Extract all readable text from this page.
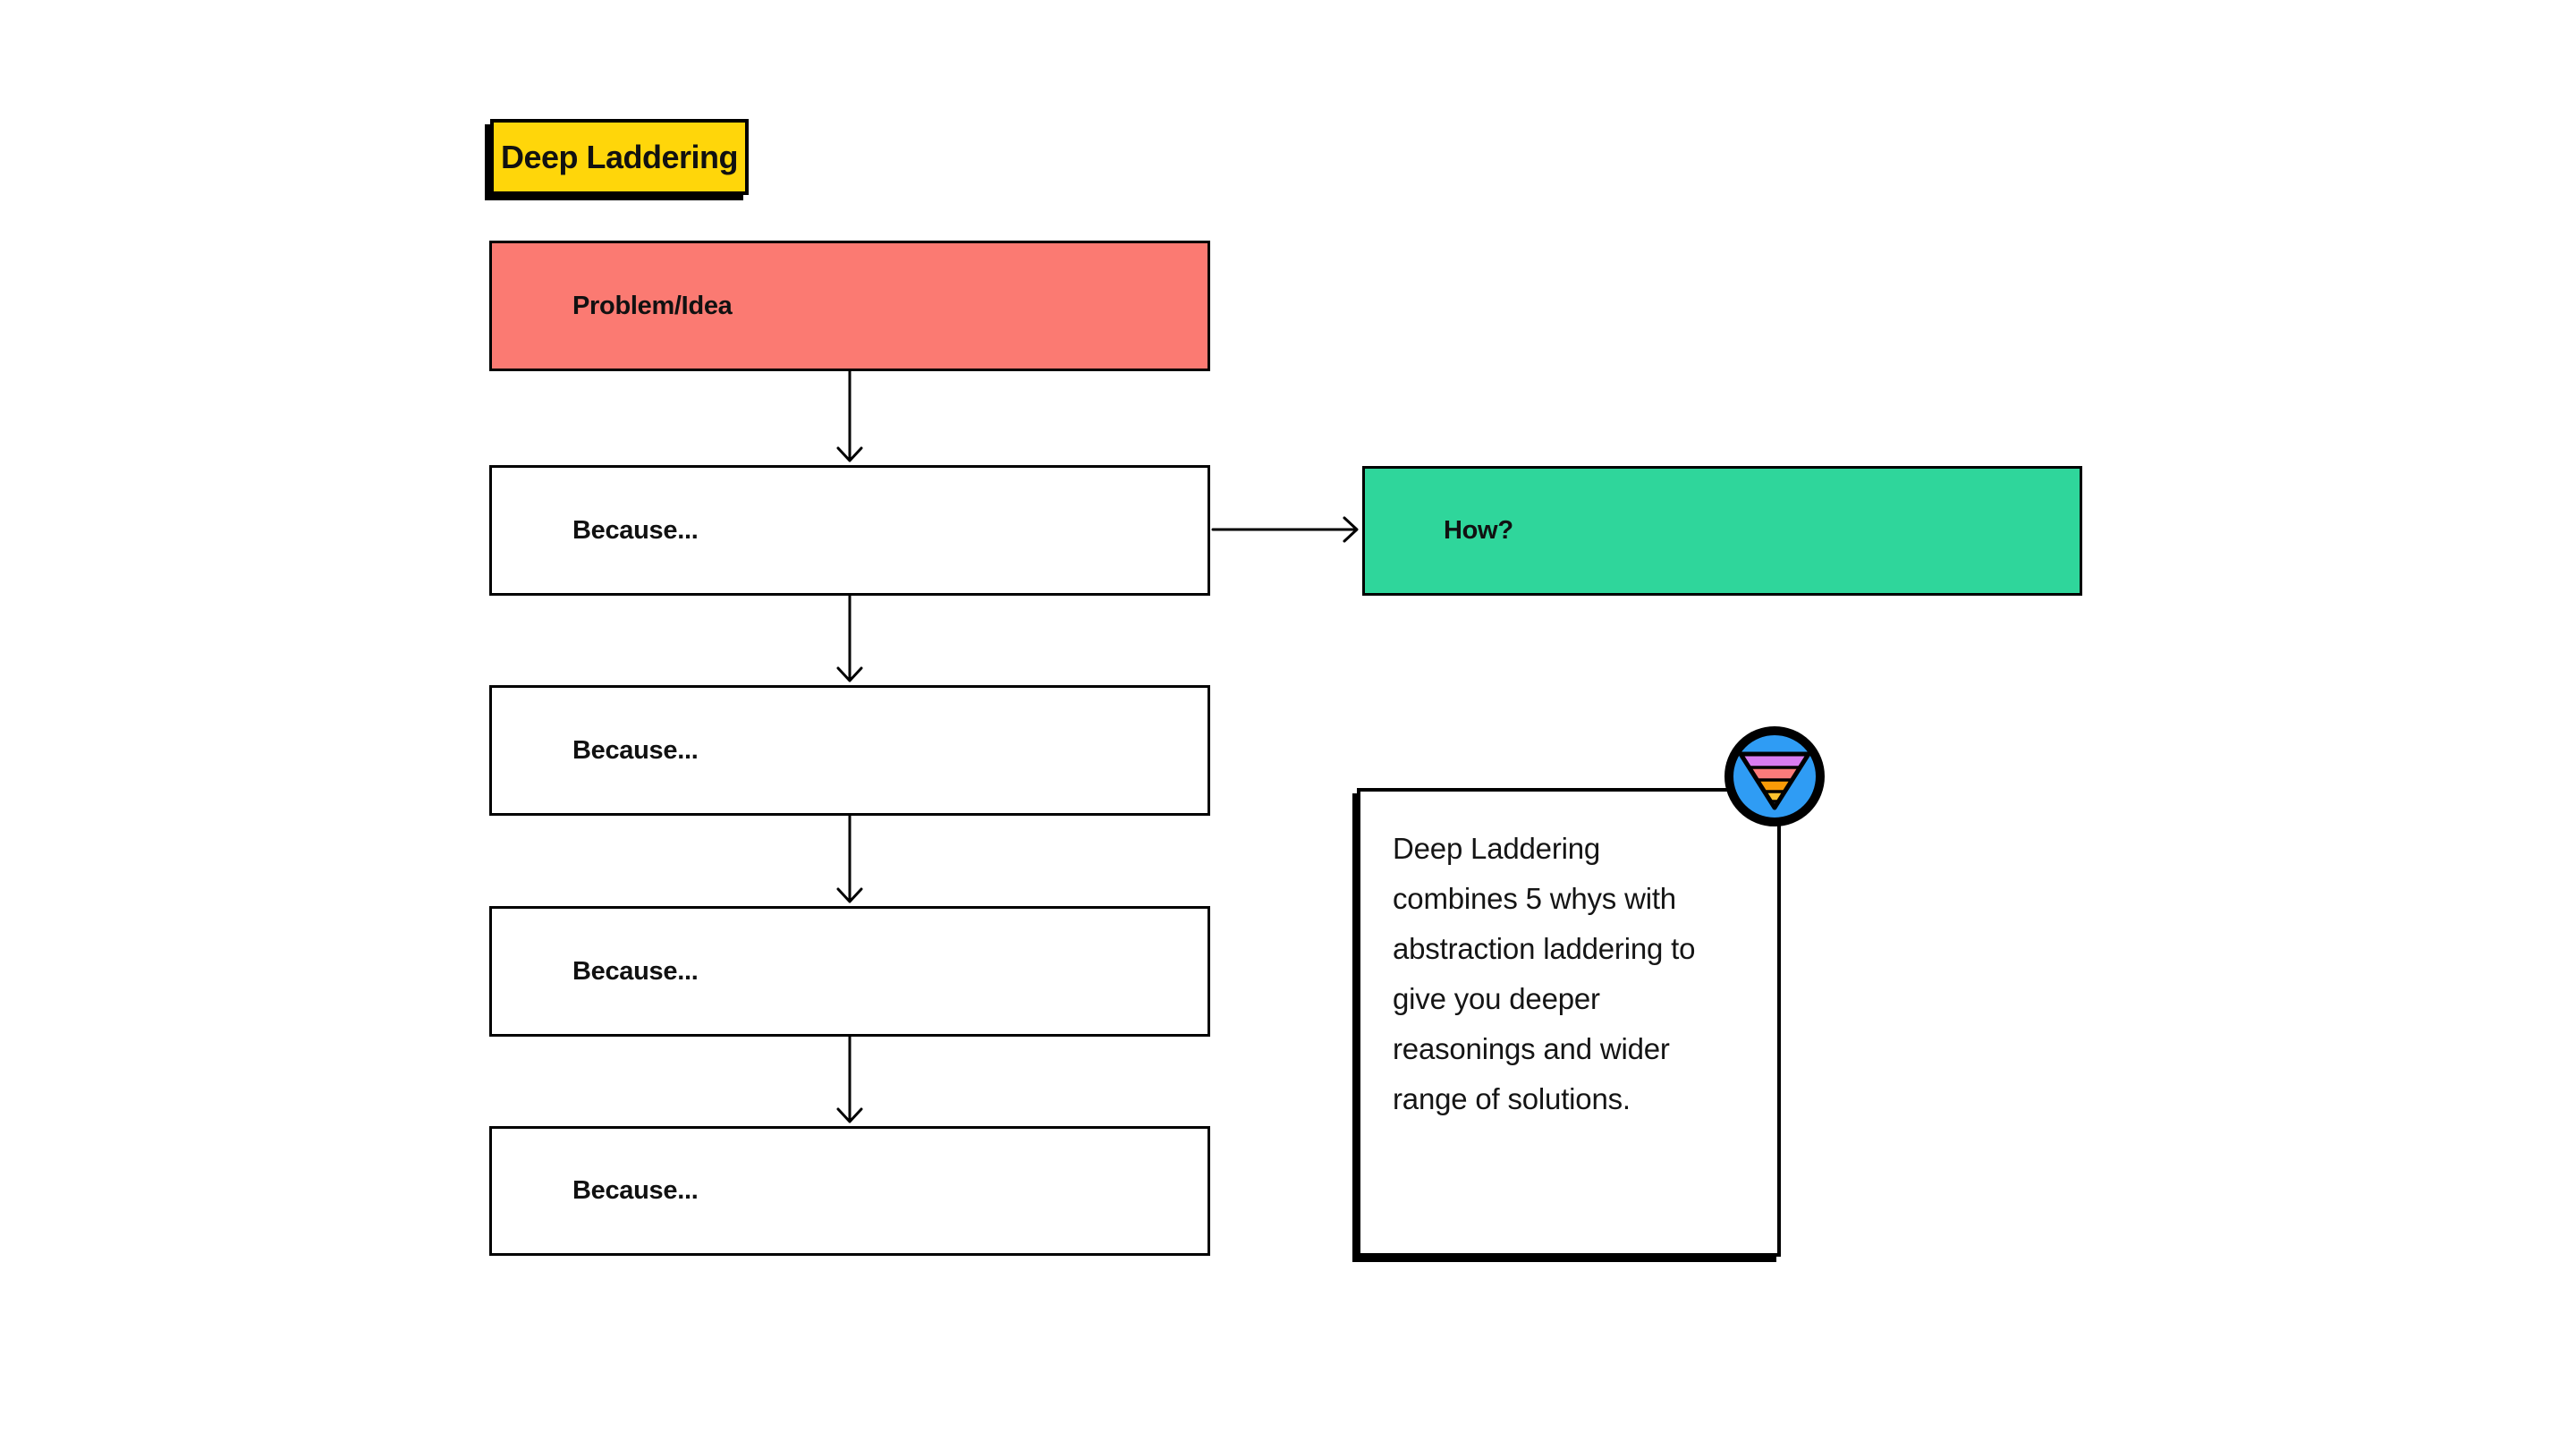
Deep Laddering
Problem/Idea
Because...
Because...
Because...
Because...
How?
Deep Laddering
combines 5 whys with
abstraction laddering to
give you deeper
reasonings and wider
range of solutions.
